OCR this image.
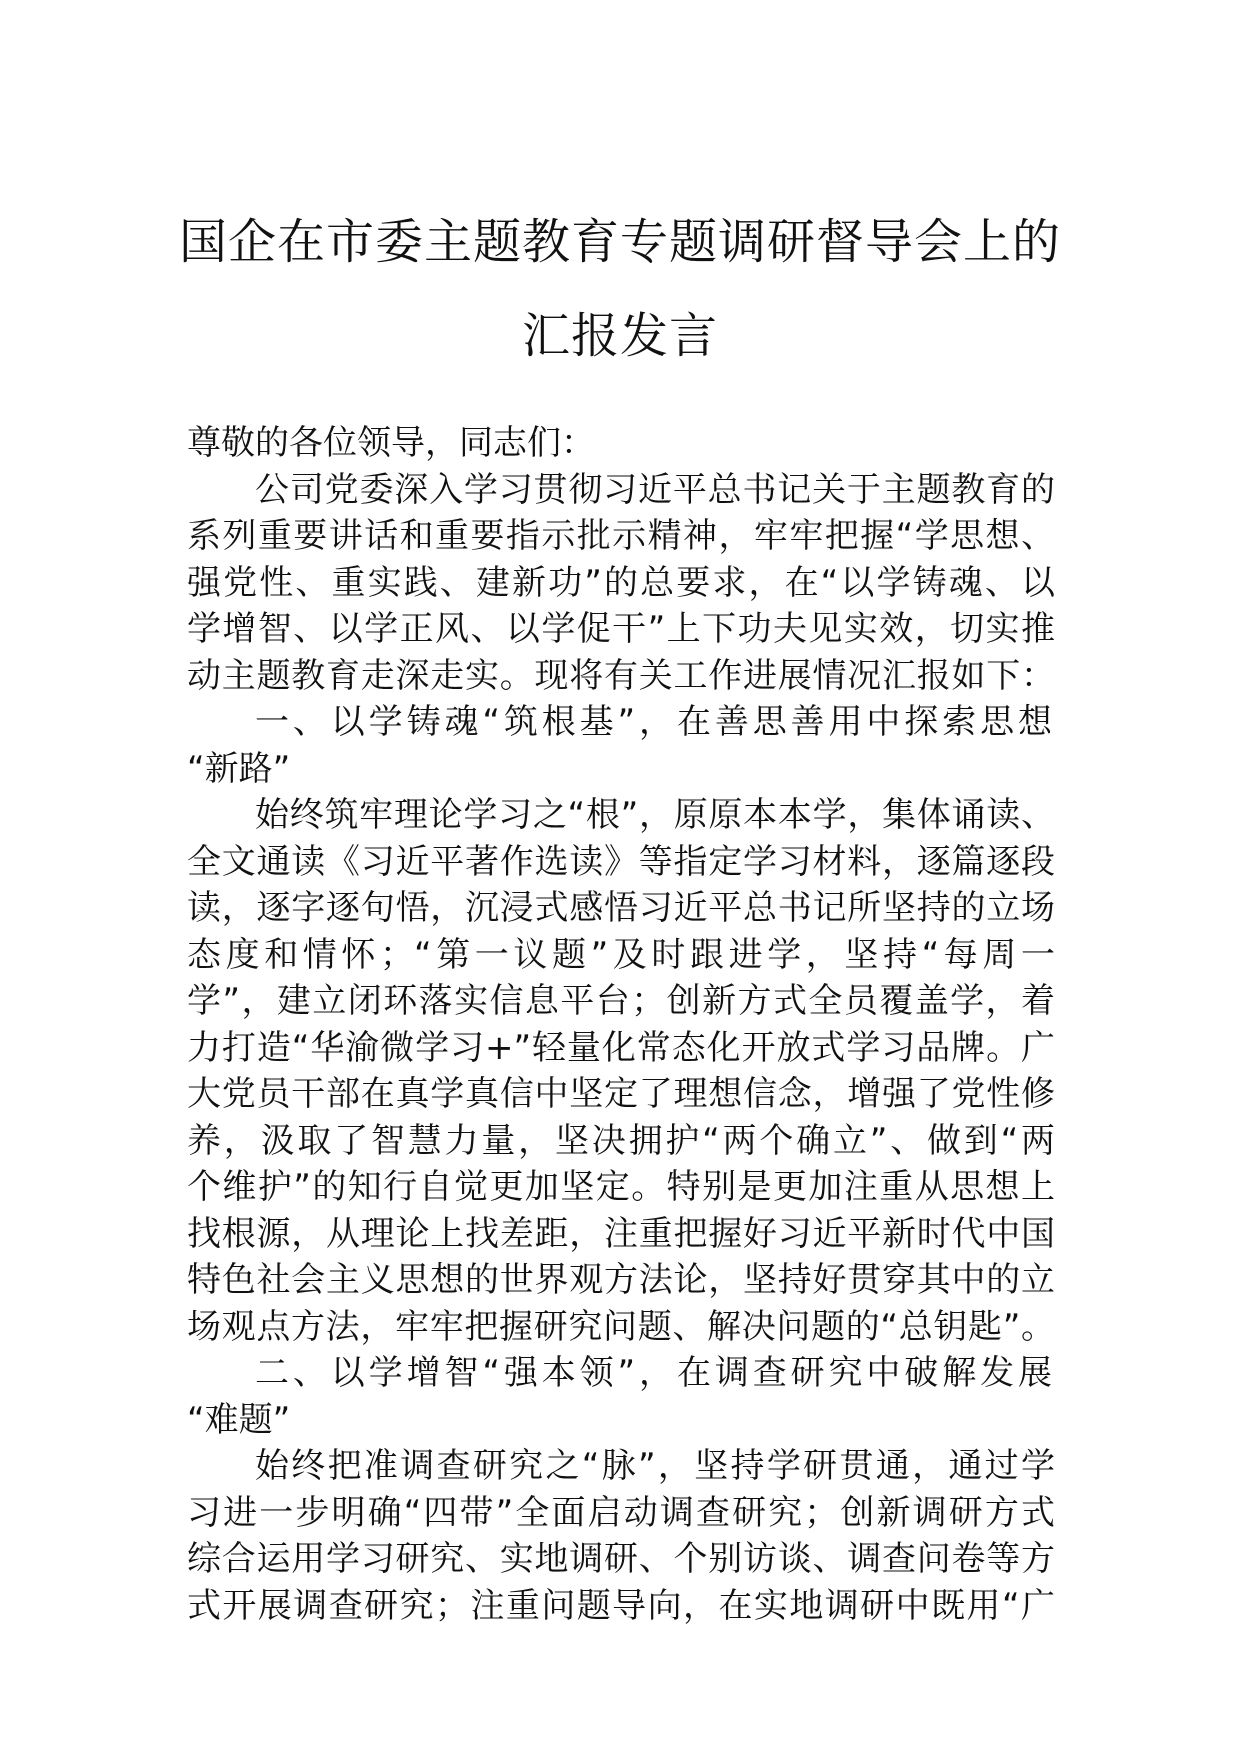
国企在市委主题教育专题调研督导会上的
汇报发言
尊敬的各位领导，同志们：
公司党委深入学习贯彻习近平总书记关于主题教育的
系列重要讲话和重要指示批示精神，牢牢把握“学思想、
强党性、重实践、建新功”的总要求，在“以学铸魂、以
学增智、以学正风、以学促干”上下功夫见实效，切实推
动主题教育走深走实。现将有关工作进展情况汇报如下：
一、以学铸魂“筑根基”，在善思善用中探索思想
“新路”
始终筑牢理论学习之“根”，原原本本学，集体诵读、
全文通读《习近平著作选读》等指定学习材料，逐篇逐段
读，逐字逐句悟，沉浸式感悟习近平总书记所坚持的立场
态度和情怀；“第一议题”及时跟进学，坚持“每周一
学”，建立闭环落实信息平台；创新方式全员覆盖学，着
力打造“华渝微学习+”轻量化常态化开放式学习品牌。广
大党员干部在真学真信中坚定了理想信念，增强了党性修
养，汲取了智慧力量，坚决拥护“两个确立”、做到“两
个维护”的知行自觉更加坚定。特别是更加注重从思想上
找根源，从理论上找差距，注重把握好习近平新时代中国
特色社会主义思想的世界观方法论，坚持好贯穿其中的立
场观点方法，牢牢把握研究问题、解决问题的“总钥匙”。
二、以学增智“强本领”，在调查研究中破解发展
“难题”
始终把准调查研究之“脉”，坚持学研贯通，通过学
习进一步明确“四带”全面启动调查研究；创新调研方式
综合运用学习研究、实地调研、个别访谈、调查问卷等方
式开展调查研究；注重问题导向，在实地调研中既用“广
